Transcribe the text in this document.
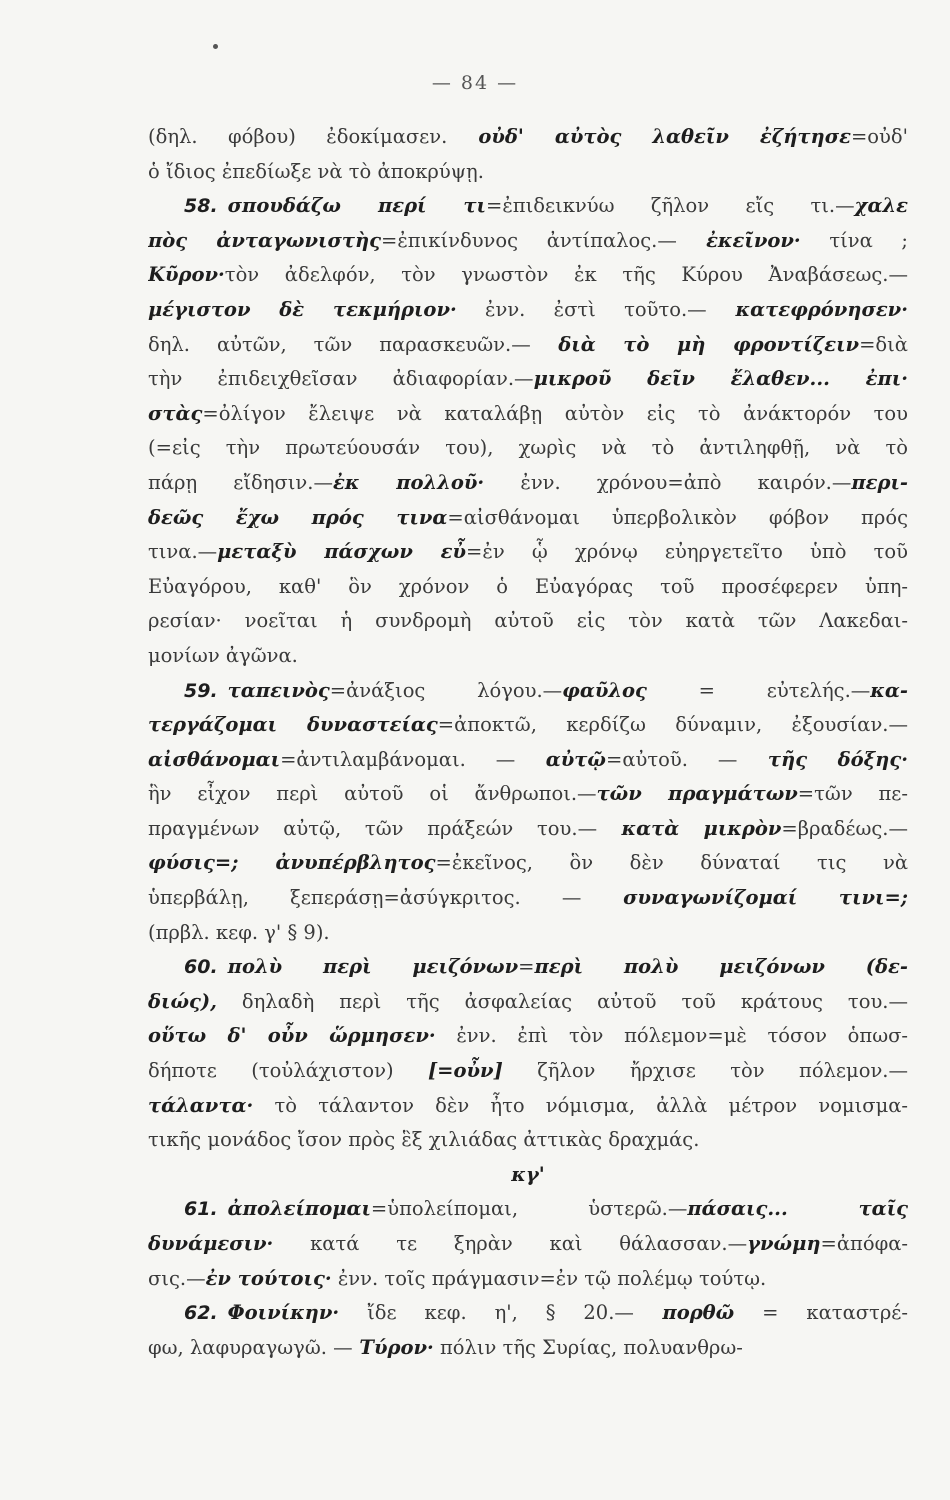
— 84 —
(δηλ. φόβου) ἐδοκίμασεν. οὐδ' αὐτὸς λαθεῖν ἐζήτησε=οὐδ'
ὁ ἴδιος ἐπεδίωξε νὰ τὸ ἀποκρύψῃ.
58. σπουδάζω περί τι=ἐπιδεικνύω ζῆλον εἴς τι.—χαλε
πὸς ἀνταγωνιστὴς=ἐπικίνδυνος ἀντίπαλος.— ἐκεῖνον· τίνα ;
Κῦρον·τὸν ἀδελφόν, τὸν γνωστὸν ἐκ τῆς Κύρου Ἀναβάσεως.—
μέγιστον δὲ τεκμήριον· ἐνν. ἐστὶ τοῦτο.— κατεφρόνησεν·
δηλ. αὐτῶν, τῶν παρασκευῶν.— διὰ τὸ μὴ φροντίζειν=διὰ
τὴν ἐπιδειχθεῖσαν ἀδιαφορίαν.—μικροῦ δεῖν ἔλαθεν... ἐπι·
στὰς=ὀλίγον ἔλειψε νὰ καταλάβῃ αὐτὸν εἰς τὸ ἀνάκτορόν του
(=εἰς τὴν πρωτεύουσάν του), χωρὶς νὰ τὸ ἀντιληφθῇ, νὰ τὸ
πάρῃ εἴδησιν.—ἐκ πολλοῦ· ἐνν. χρόνου=ἀπὸ καιρόν.—περι-
δεῶς ἔχω πρός τινα=αἰσθάνομαι ὑπερβολικὸν φόβον πρός
τινα.—μεταξὺ πάσχων εὖ=ἐν ᾧ χρόνῳ εὐηργετεῖτο ὑπὸ τοῦ
Εὐαγόρου, καθ' ὃν χρόνον ὁ Εὐαγόρας τοῦ προσέφερεν ὑπη-
ρεσίαν· νοεῖται ἡ συνδρομὴ αὐτοῦ εἰς τὸν κατὰ τῶν Λακεδαι-
μονίων ἀγῶνα.
59. ταπεινὸς=ἀνάξιος λόγου.—φαῦλος = εὐτελής.—κα-
τεργάζομαι δυναστείας=ἀποκτῶ, κερδίζω δύναμιν, ἐξουσίαν.—
αἰσθάνομαι=ἀντιλαμβάνομαι. — αὐτῷ=αὐτοῦ. — τῆς δόξης·
ἣν εἶχον περὶ αὐτοῦ οἱ ἄνθρωποι.—τῶν πραγμάτων=τῶν πε-
πραγμένων αὐτῷ, τῶν πράξεών του.— κατὰ μικρὸν=βραδέως.—
φύσις=; ἀνυπέρβλητος=ἐκεῖνος, ὃν δὲν δύναταί τις νὰ
ὑπερβάλῃ, ξεπεράσῃ=ἀσύγκριτος. — συναγωνίζομαί τινι=;
(πρβλ. κεφ. γ' § 9).
60. πολὺ περὶ μειζόνων=περὶ πολὺ μειζόνων (δε-
διώς), δηλαδὴ περὶ τῆς ἀσφαλείας αὐτοῦ τοῦ κράτους του.—
οὕτω δ' οὖν ὥρμησεν· ἐνν. ἐπὶ τὸν πόλεμον=μὲ τόσον ὁπωσ-
δήποτε (τοὐλάχιστον) [=οὖν] ζῆλον ἤρχισε τὸν πόλεμον.—
τάλαντα· τὸ τάλαντον δὲν ἦτο νόμισμα, ἀλλὰ μέτρον νομισμα-
τικῆς μονάδος ἴσον πρὸς ἓξ χιλιάδας ἀττικὰς δραχμάς.
κγ'
61. ἀπολείπομαι=ὑπολείπομαι, ὑστερῶ.—πάσαις... ταῖς
δυνάμεσιν· κατά τε ξηρὰν καὶ θάλασσαν.—γνώμη=ἀπόφα-
σις.—ἐν τούτοις· ἐνν. τοῖς πράγμασιν=ἐν τῷ πολέμῳ τούτῳ.
62. Φοινίκην· ἴδε κεφ. η', § 20.— πορθῶ = καταστρέ-
φω, λαφυραγωγῶ. — Τύρον· πόλιν τῆς Συρίας, πολυανθρω-
